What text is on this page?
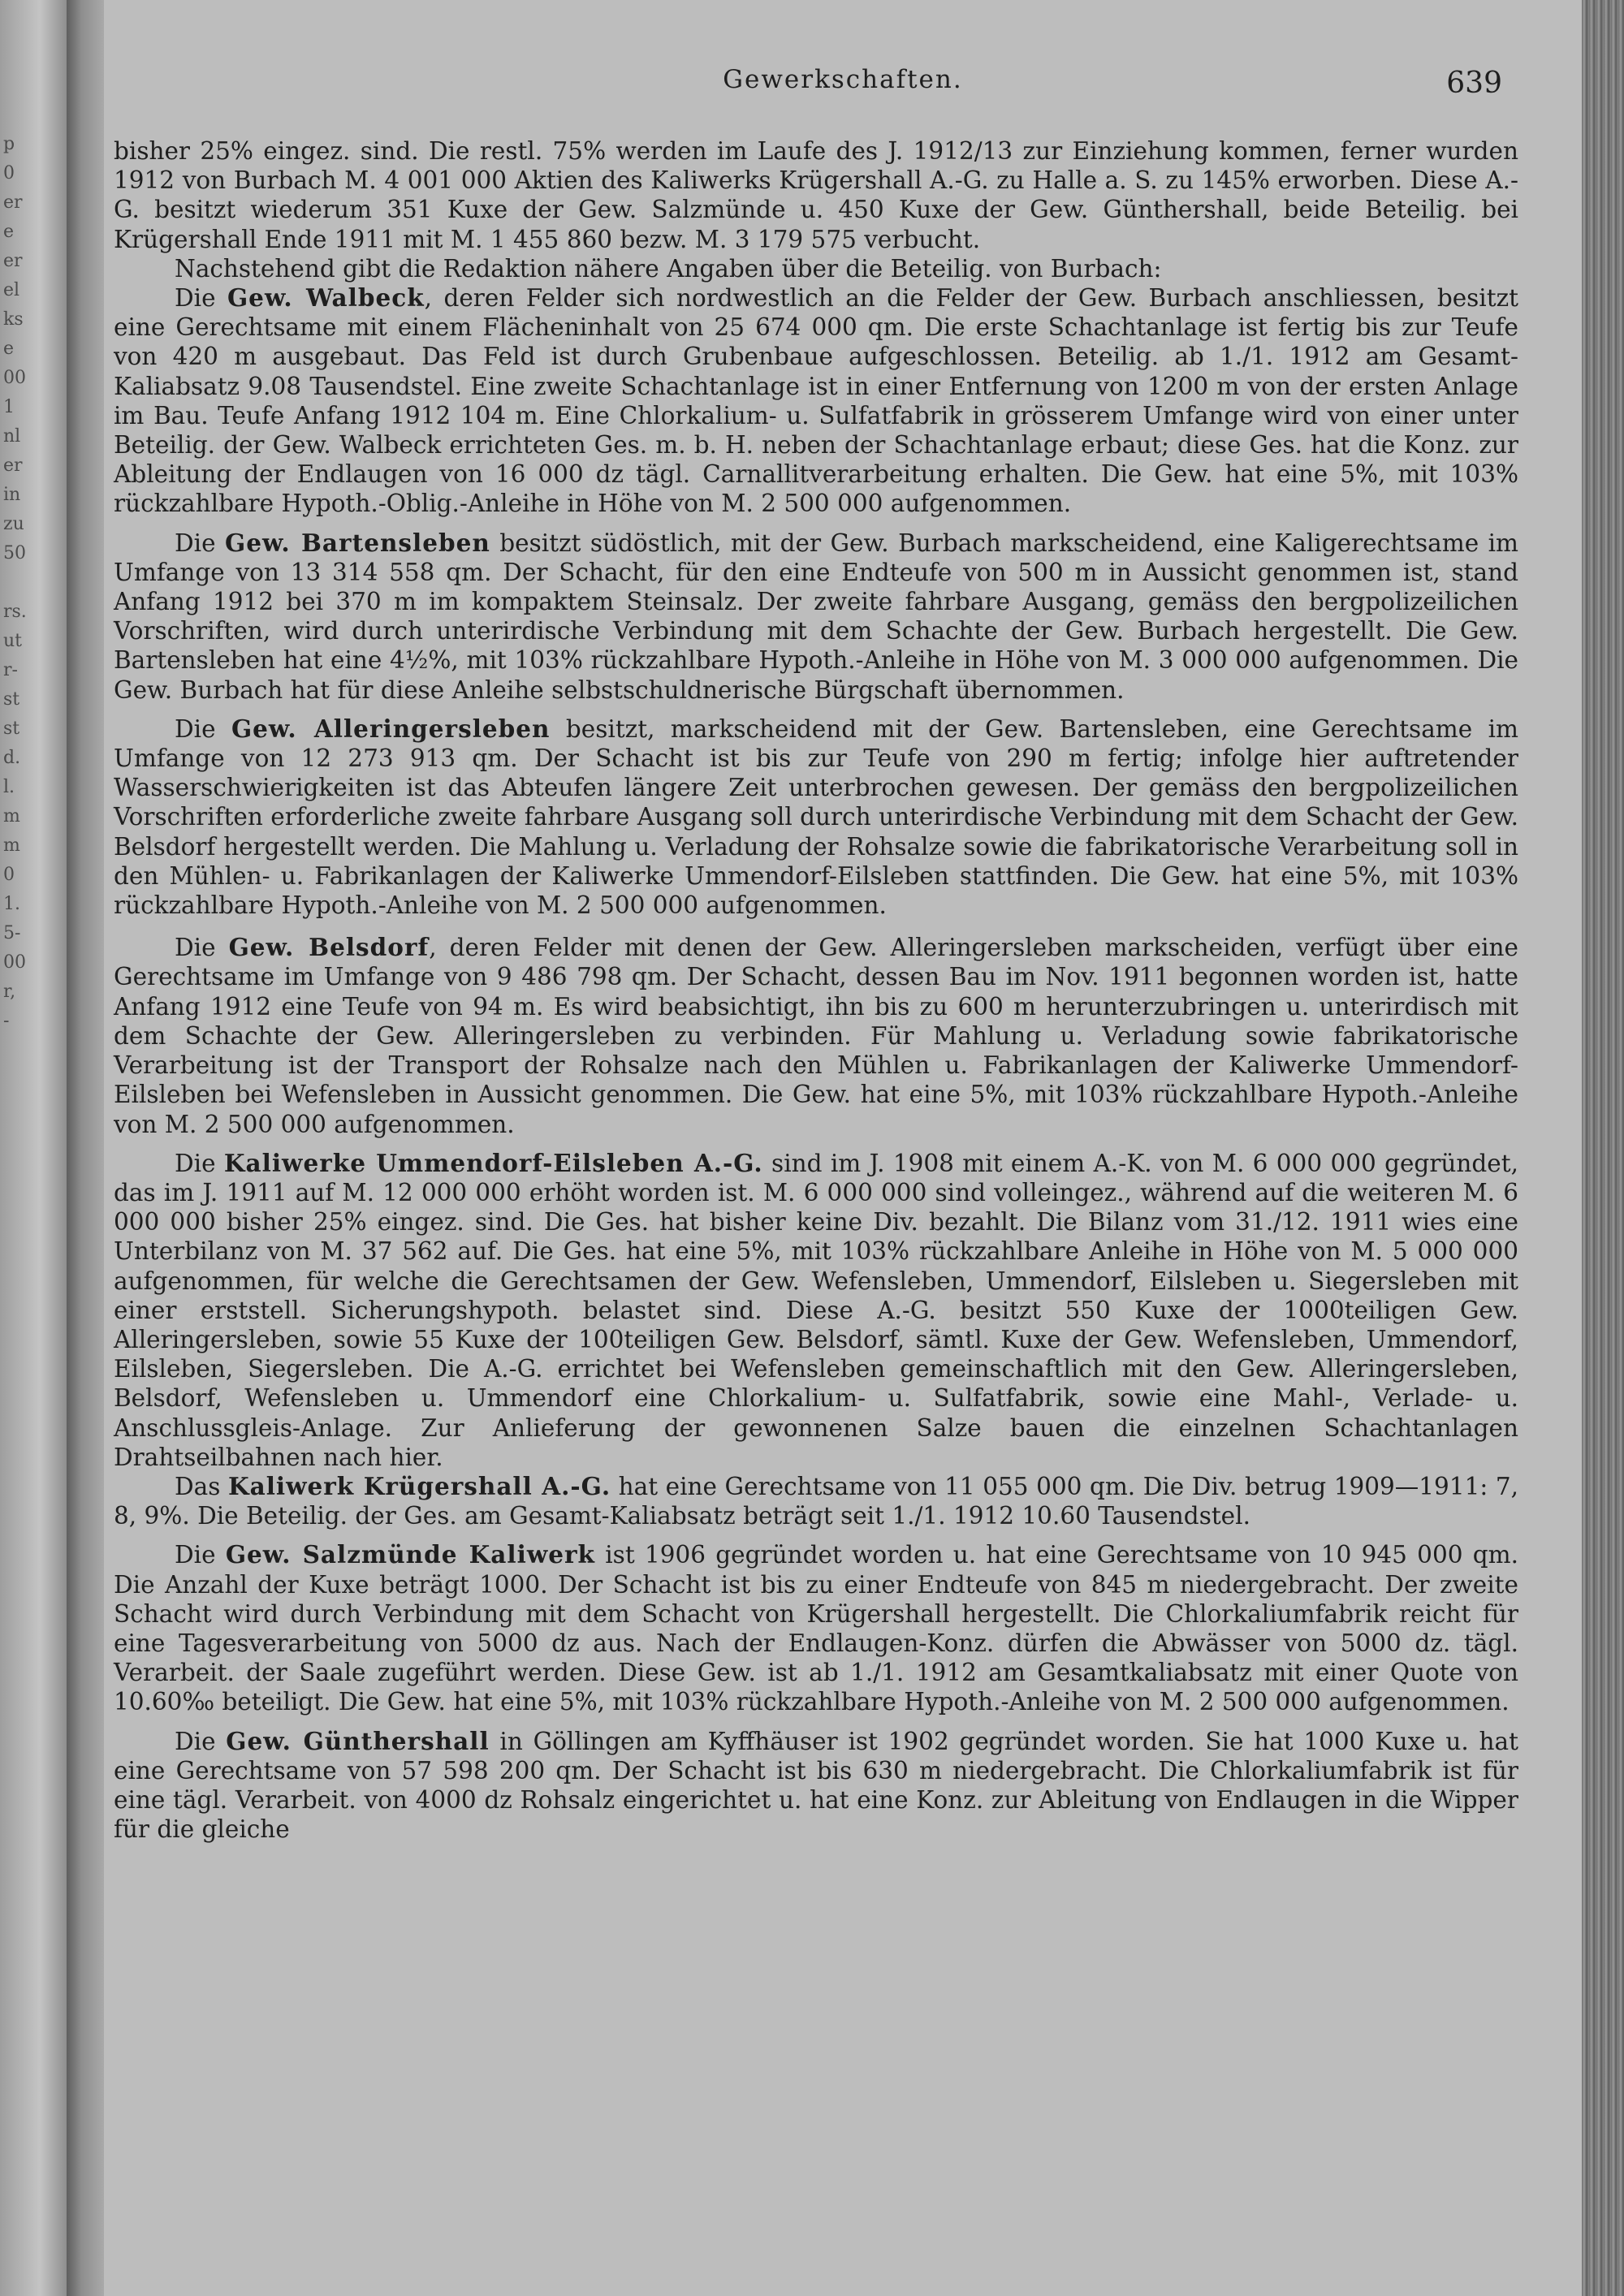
p
0
er
e
er
el
ks
e
00
1
nl
er
in
zu
50
rs.
ut
r-
st
st
d.
l.
m
m
0
1.
5-
00
r,
-
Gewerkschaften.	639

bisher 25% eingez. sind. Die restl. 75% werden im Laufe des J. 1912/13 zur Einziehung kommen, ferner wurden 1912 von Burbach M. 4 001 000 Aktien des Kaliwerks Krügershall A.-G. zu Halle a. S. zu 145% erworben. Diese A.-G. besitzt wiederum 351 Kuxe der Gew. Salzmünde u. 450 Kuxe der Gew. Günthershall, beide Beteilig. bei Krügershall Ende 1911 mit M. 1 455 860 bezw. M. 3 179 575 verbucht.

Nachstehend gibt die Redaktion nähere Angaben über die Beteilig. von Burbach:

Die Gew. Walbeck, deren Felder sich nordwestlich an die Felder der Gew. Burbach anschliessen, besitzt eine Gerechtsame mit einem Flächeninhalt von 25 674 000 qm. Die erste Schachtanlage ist fertig bis zur Teufe von 420 m ausgebaut. Das Feld ist durch Grubenbaue aufgeschlossen. Beteilig. ab 1./1. 1912 am Gesamt-Kaliabsatz 9.08 Tausendstel. Eine zweite Schachtanlage ist in einer Entfernung von 1200 m von der ersten Anlage im Bau. Teufe Anfang 1912 104 m. Eine Chlorkalium- u. Sulfatfabrik in grösserem Umfange wird von einer unter Beteilig. der Gew. Walbeck errichteten Ges. m. b. H. neben der Schachtanlage erbaut; diese Ges. hat die Konz. zur Ableitung der Endlaugen von 16 000 dz tägl. Carnallitverarbeitung erhalten. Die Gew. hat eine 5%, mit 103% rückzahlbare Hypoth.-Oblig.-Anleihe in Höhe von M. 2 500 000 aufgenommen.

Die Gew. Bartensleben besitzt südöstlich, mit der Gew. Burbach markscheidend, eine Kaligerechtsame im Umfange von 13 314 558 qm. Der Schacht, für den eine Endteufe von 500 m in Aussicht genommen ist, stand Anfang 1912 bei 370 m im kompaktem Steinsalz. Der zweite fahrbare Ausgang, gemäss den bergpolizeilichen Vorschriften, wird durch unterirdische Verbindung mit dem Schachte der Gew. Burbach hergestellt. Die Gew. Bartensleben hat eine 4½%, mit 103% rückzahlbare Hypoth.-Anleihe in Höhe von M. 3 000 000 aufgenommen. Die Gew. Burbach hat für diese Anleihe selbstschuldnerische Bürgschaft übernommen.

Die Gew. Alleringersleben besitzt, markscheidend mit der Gew. Bartensleben, eine Gerechtsame im Umfange von 12 273 913 qm. Der Schacht ist bis zur Teufe von 290 m fertig; infolge hier auftretender Wasserschwierigkeiten ist das Abteufen längere Zeit unterbrochen gewesen. Der gemäss den bergpolizeilichen Vorschriften erforderliche zweite fahrbare Ausgang soll durch unterirdische Verbindung mit dem Schacht der Gew. Belsdorf hergestellt werden. Die Mahlung u. Verladung der Rohsalze sowie die fabrikatorische Verarbeitung soll in den Mühlen- u. Fabrikanlagen der Kaliwerke Ummendorf-Eilsleben stattfinden. Die Gew. hat eine 5%, mit 103% rückzahlbare Hypoth.-Anleihe von M. 2 500 000 aufgenommen.

Die Gew. Belsdorf, deren Felder mit denen der Gew. Alleringersleben markscheiden, verfügt über eine Gerechtsame im Umfange von 9 486 798 qm. Der Schacht, dessen Bau im Nov. 1911 begonnen worden ist, hatte Anfang 1912 eine Teufe von 94 m. Es wird beabsichtigt, ihn bis zu 600 m herunterzubringen u. unterirdisch mit dem Schachte der Gew. Alleringersleben zu verbinden. Für Mahlung u. Verladung sowie fabrikatorische Verarbeitung ist der Transport der Rohsalze nach den Mühlen u. Fabrikanlagen der Kaliwerke Ummendorf-Eilsleben bei Wefensleben in Aussicht genommen. Die Gew. hat eine 5%, mit 103% rückzahlbare Hypoth.-Anleihe von M. 2 500 000 aufgenommen.

Die Kaliwerke Ummendorf-Eilsleben A.-G. sind im J. 1908 mit einem A.-K. von M. 6 000 000 gegründet, das im J. 1911 auf M. 12 000 000 erhöht worden ist. M. 6 000 000 sind volleingez., während auf die weiteren M. 6 000 000 bisher 25% eingez. sind. Die Ges. hat bisher keine Div. bezahlt. Die Bilanz vom 31./12. 1911 wies eine Unterbilanz von M. 37 562 auf. Die Ges. hat eine 5%, mit 103% rückzahlbare Anleihe in Höhe von M. 5 000 000 aufgenommen, für welche die Gerechtsamen der Gew. Wefensleben, Ummendorf, Eilsleben u. Siegersleben mit einer erststell. Sicherungshypoth. belastet sind. Diese A.-G. besitzt 550 Kuxe der 1000teiligen Gew. Alleringersleben, sowie 55 Kuxe der 100teiligen Gew. Belsdorf, sämtl. Kuxe der Gew. Wefensleben, Ummendorf, Eilsleben, Siegersleben. Die A.-G. errichtet bei Wefensleben gemeinschaftlich mit den Gew. Alleringersleben, Belsdorf, Wefensleben u. Ummendorf eine Chlorkalium- u. Sulfatfabrik, sowie eine Mahl-, Verlade- u. Anschlussgleis-Anlage. Zur Anlieferung der gewonnenen Salze bauen die einzelnen Schachtanlagen Drahtseilbahnen nach hier.

Das Kaliwerk Krügershall A.-G. hat eine Gerechtsame von 11 055 000 qm. Die Div. betrug 1909—1911: 7, 8, 9%. Die Beteilig. der Ges. am Gesamt-Kaliabsatz beträgt seit 1./1. 1912 10.60 Tausendstel.

Die Gew. Salzmünde Kaliwerk ist 1906 gegründet worden u. hat eine Gerechtsame von 10 945 000 qm. Die Anzahl der Kuxe beträgt 1000. Der Schacht ist bis zu einer Endteufe von 845 m niedergebracht. Der zweite Schacht wird durch Verbindung mit dem Schacht von Krügershall hergestellt. Die Chlorkaliumfabrik reicht für eine Tagesverarbeitung von 5000 dz aus. Nach der Endlaugen-Konz. dürfen die Abwässer von 5000 dz. tägl. Verarbeit. der Saale zugeführt werden. Diese Gew. ist ab 1./1. 1912 am Gesamtkaliabsatz mit einer Quote von 10.60‰ beteiligt. Die Gew. hat eine 5%, mit 103% rückzahlbare Hypoth.-Anleihe von M. 2 500 000 aufgenommen.

Die Gew. Günthershall in Göllingen am Kyffhäuser ist 1902 gegründet worden. Sie hat 1000 Kuxe u. hat eine Gerechtsame von 57 598 200 qm. Der Schacht ist bis 630 m niedergebracht. Die Chlorkaliumfabrik ist für eine tägl. Verarbeit. von 4000 dz Rohsalz eingerichtet u. hat eine Konz. zur Ableitung von Endlaugen in die Wipper für die gleiche
